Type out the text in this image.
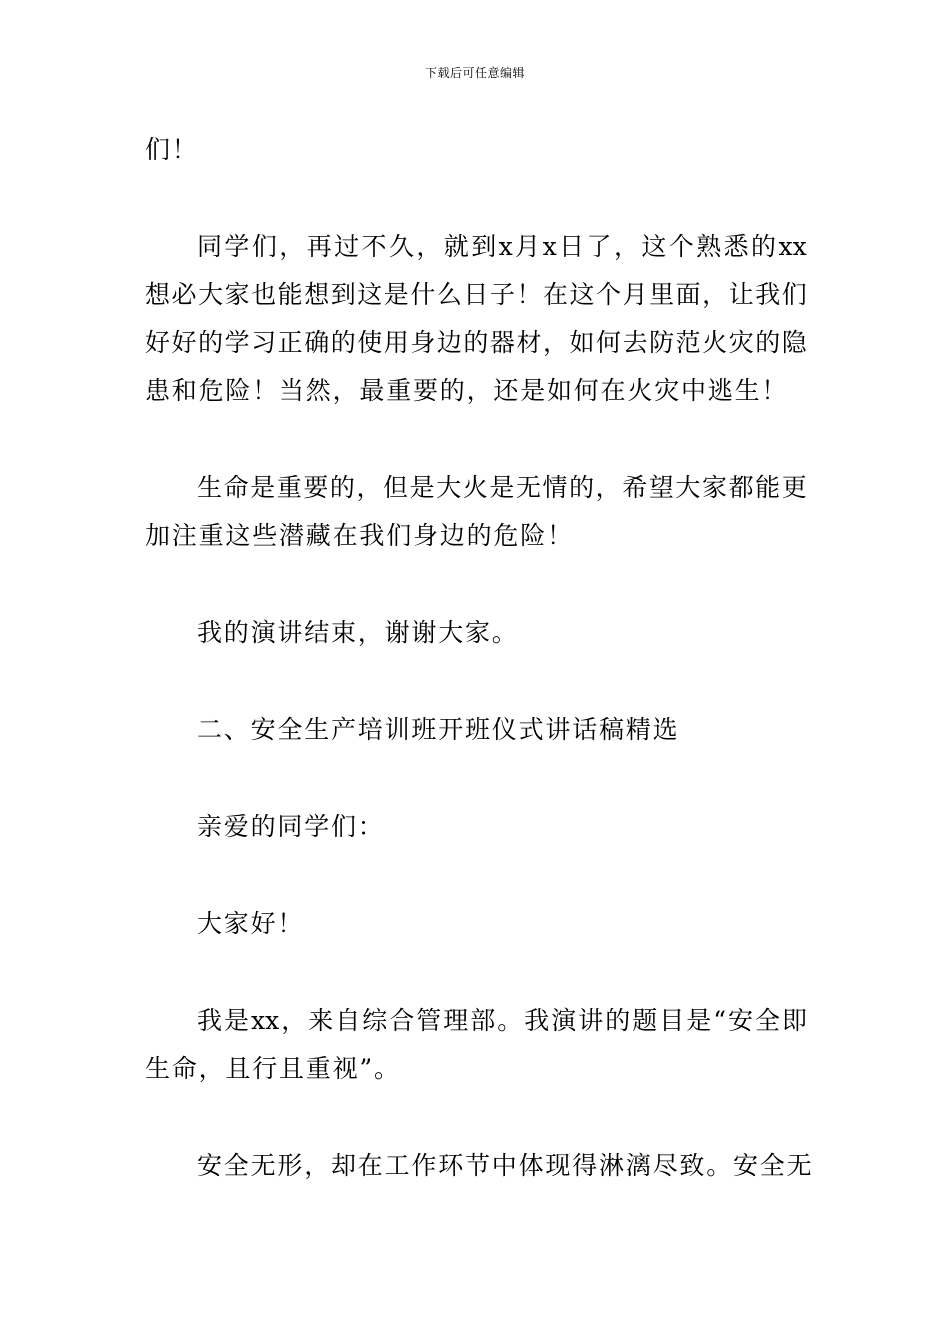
下载后可任意编辑

们！

同 学 们 ， 再 过 不 久 ， 就 到 x 月 x 日 了 ， 这 个 熟 悉 的 xx
想 必 大 家 也 能 想 到 这 是 什 么 日 子 ！ 在 这 个 月 里 面 ， 让 我 们
好 好 的 学 习 正 确 的 使 用 身 边 的 器 材 ， 如 何 去 防 范 火 灾 的 隐
患和危险！当然，最重要的，还是如何在火灾中逃生！

生 命 是 重 要 的 ， 但 是 大 火 是 无 情 的 ， 希 望 大 家 都 能 更
加注重这些潜藏在我们身边的危险！

我的演讲结束，谢谢大家。

二、安全生产培训班开班仪式讲话稿精选

亲爱的同学们：

大家好！

我 是 xx ， 来 自 综 合 管 理 部 。 我 演 讲 的 题 目 是 “ 安 全 即
生命，且行且重视”。

安全无形，却在工作环节中体现得淋漓尽致。安全无
